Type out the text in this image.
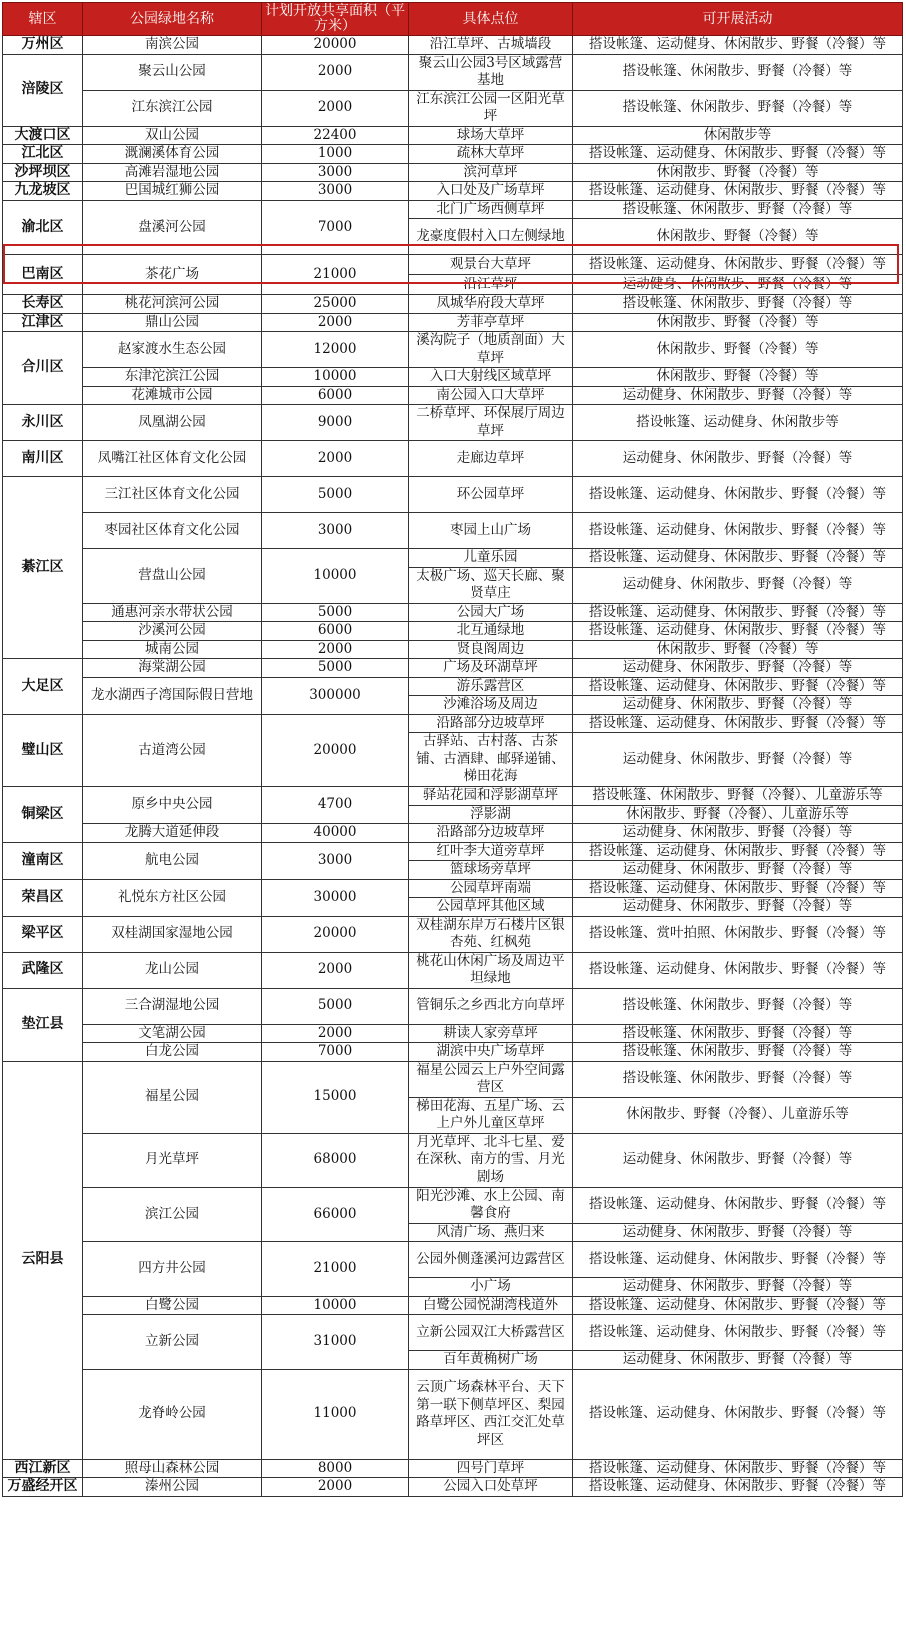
辖区	公园绿地名称	计划开放共享面积（平方米）	具体点位	可开展活动
万州区	南滨公园	20000	沿江草坪、古城墙段	搭设帐篷、运动健身、休闲散步、野餐（冷餐）等
涪陵区	聚云山公园	2000	聚云山公园3号区域露营基地	搭设帐篷、休闲散步、野餐（冷餐）等
	江东滨江公园	2000	江东滨江公园一区阳光草坪	搭设帐篷、休闲散步、野餐（冷餐）等
大渡口区	双山公园	22400	球场大草坪	休闲散步等
江北区	溉澜溪体育公园	1000	疏林大草坪	搭设帐篷、运动健身、休闲散步、野餐（冷餐）等
沙坪坝区	高滩岩湿地公园	3000	滨河草坪	休闲散步、野餐（冷餐）等
九龙坡区	巴国城红狮公园	3000	入口处及广场草坪	搭设帐篷、运动健身、休闲散步、野餐（冷餐）等
渝北区	盘溪河公园	7000	北门广场西侧草坪	搭设帐篷、休闲散步、野餐（冷餐）等
			龙豪度假村入口左侧绿地	休闲散步、野餐（冷餐）等
巴南区	茶花广场	21000	观景台大草坪	搭设帐篷、运动健身、休闲散步、野餐（冷餐）等
			沿江草坪	运动健身、休闲散步、野餐（冷餐）等
长寿区	桃花河滨河公园	25000	凤城华府段大草坪	搭设帐篷、休闲散步、野餐（冷餐）等
江津区	鼎山公园	2000	芳菲亭草坪	休闲散步、野餐（冷餐）等
合川区	赵家渡水生态公园	12000	溪沟院子（地质剖面）大草坪	休闲散步、野餐（冷餐）等
	东津沱滨江公园	10000	入口大射线区域草坪	休闲散步、野餐（冷餐）等
	花滩城市公园	6000	南公园入口大草坪	运动健身、休闲散步、野餐（冷餐）等
永川区	凤凰湖公园	9000	二桥草坪、环保展厅周边草坪	搭设帐篷、运动健身、休闲散步等
南川区	凤嘴江社区体育文化公园	2000	走廊边草坪	运动健身、休闲散步、野餐（冷餐）等
綦江区	三江社区体育文化公园	5000	环公园草坪	搭设帐篷、运动健身、休闲散步、野餐（冷餐）等
	枣园社区体育文化公园	3000	枣园上山广场	搭设帐篷、运动健身、休闲散步、野餐（冷餐）等
	营盘山公园	10000	儿童乐园	搭设帐篷、运动健身、休闲散步、野餐（冷餐）等
			太极广场、巡天长廊、聚贤草庄	运动健身、休闲散步、野餐（冷餐）等
	通惠河亲水带状公园	5000	公园大广场	搭设帐篷、运动健身、休闲散步、野餐（冷餐）等
	沙溪河公园	6000	北互通绿地	搭设帐篷、运动健身、休闲散步、野餐（冷餐）等
	城南公园	2000	贤良阁周边	休闲散步、野餐（冷餐）等
大足区	海棠湖公园	5000	广场及环湖草坪	运动健身、休闲散步、野餐（冷餐）等
	龙水湖西子湾国际假日营地	300000	游乐露营区	搭设帐篷、运动健身、休闲散步、野餐（冷餐）等
			沙滩浴场及周边	运动健身、休闲散步、野餐（冷餐）等
璧山区	古道湾公园	20000	沿路部分边坡草坪	搭设帐篷、运动健身、休闲散步、野餐（冷餐）等
			古驿站、古村落、古茶铺、古酒肆、邮驿递铺、梯田花海	运动健身、休闲散步、野餐（冷餐）等
铜梁区	原乡中央公园	4700	驿站花园和浮影湖草坪	搭设帐篷、休闲散步、野餐（冷餐）、儿童游乐等
			浮影湖	休闲散步、野餐（冷餐）、儿童游乐等
	龙腾大道延伸段	40000	沿路部分边坡草坪	运动健身、休闲散步、野餐（冷餐）等
潼南区	航电公园	3000	红叶李大道旁草坪	搭设帐篷、运动健身、休闲散步、野餐（冷餐）等
			篮球场旁草坪	运动健身、休闲散步、野餐（冷餐）等
荣昌区	礼悦东方社区公园	30000	公园草坪南端	搭设帐篷、运动健身、休闲散步、野餐（冷餐）等
			公园草坪其他区域	运动健身、休闲散步、野餐（冷餐）等
梁平区	双桂湖国家湿地公园	20000	双桂湖东岸万石楼片区银杏苑、红枫苑	搭设帐篷、赏叶拍照、休闲散步、野餐（冷餐）等
武隆区	龙山公园	2000	桃花山休闲广场及周边平坦绿地	搭设帐篷、运动健身、休闲散步、野餐（冷餐）等
垫江县	三合湖湿地公园	5000	管铜乐之乡西北方向草坪	搭设帐篷、休闲散步、野餐（冷餐）等
	文笔湖公园	2000	耕读人家旁草坪	搭设帐篷、休闲散步、野餐（冷餐）等
	白龙公园	7000	湖滨中央广场草坪	搭设帐篷、休闲散步、野餐（冷餐）等
云阳县	福星公园	15000	福星公园云上户外空间露营区	搭设帐篷、休闲散步、野餐（冷餐）等
			梯田花海、五星广场、云上户外儿童区草坪	休闲散步、野餐（冷餐）、儿童游乐等
	月光草坪	68000	月光草坪、北斗七星、爱在深秋、南方的雪、月光剧场	运动健身、休闲散步、野餐（冷餐）等
	滨江公园	66000	阳光沙滩、水上公园、南馨食府	搭设帐篷、运动健身、休闲散步、野餐（冷餐）等
			风清广场、燕归来	运动健身、休闲散步、野餐（冷餐）等
	四方井公园	21000	公园外侧蓬溪河边露营区	搭设帐篷、运动健身、休闲散步、野餐（冷餐）等
			小广场	运动健身、休闲散步、野餐（冷餐）等
	白鹭公园	10000	白鹭公园悦湖湾栈道外	搭设帐篷、运动健身、休闲散步、野餐（冷餐）等
	立新公园	31000	立新公园双江大桥露营区	搭设帐篷、运动健身、休闲散步、野餐（冷餐）等
			百年黄桷树广场	运动健身、休闲散步、野餐（冷餐）等
	龙脊岭公园	11000	云顶广场森林平台、天下第一联下侧草坪区、梨园路草坪区、西江交汇处草坪区	搭设帐篷、运动健身、休闲散步、野餐（冷餐）等
西江新区	照母山森林公园	8000	四号门草坪	搭设帐篷、运动健身、休闲散步、野餐（冷餐）等
万盛经开区	溱州公园	2000	公园入口处草坪	搭设帐篷、运动健身、休闲散步、野餐（冷餐）等
